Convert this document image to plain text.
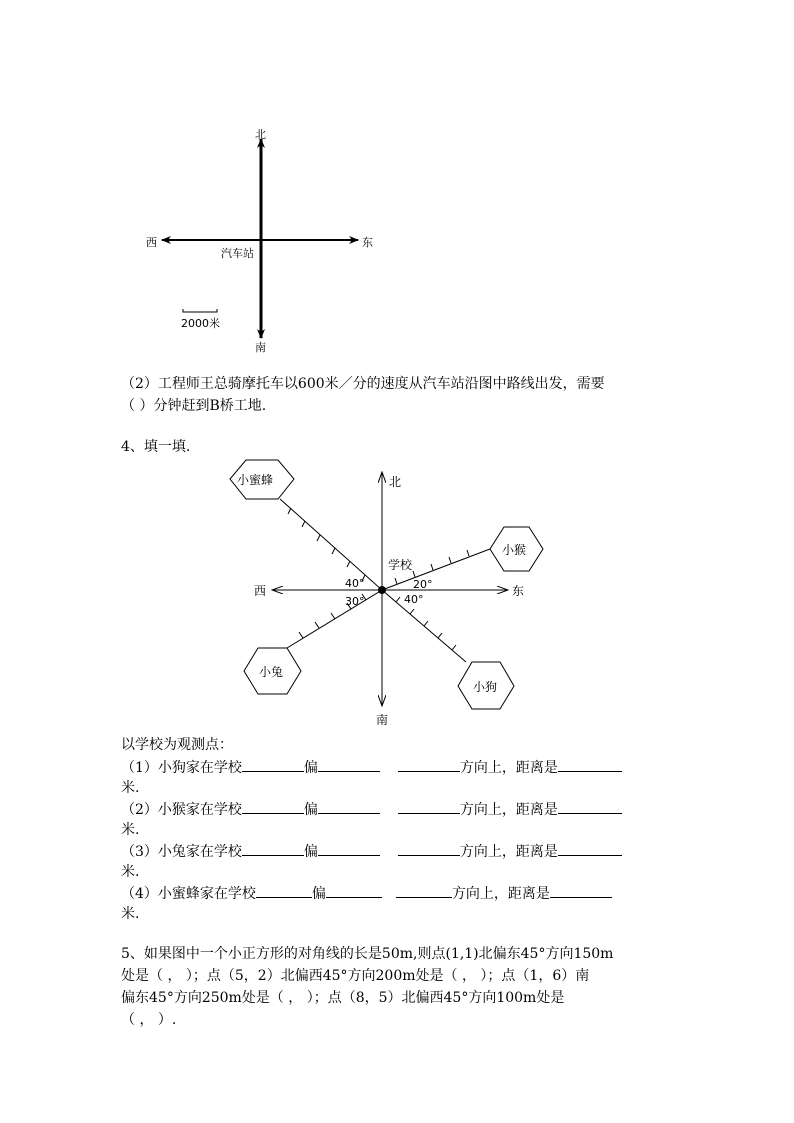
北
南
东
西
汽车站
2000米
（2）工程师王总骑摩托车以600米／分的速度从汽车站沿图中路线出发，需要
（ ）分钟赶到B桥工地.
4、填一填.
北
南
东
西
学校
40°
30°
20°
40°
小蜜蜂
小猴
小兔
小狗
以学校为观测点：
（1）小狗家在学校	偏	方向上，距离是
米.
（2）小猴家在学校	偏	方向上，距离是
米.
（3）小兔家在学校	偏	方向上，距离是
米.
（4）小蜜蜂家在学校	偏	方向上，距离是
米.
5、如果图中一个小正方形的对角线的长是50m,则点(1,1)北偏东45°方向150m
处是（ ， ）；点（5，2）北偏西45°方向200m处是（ ， ）；点（1，6）南
偏东45°方向250m处是（ ， ）；点（8，5）北偏西45°方向100m处是
（ ， ）.
